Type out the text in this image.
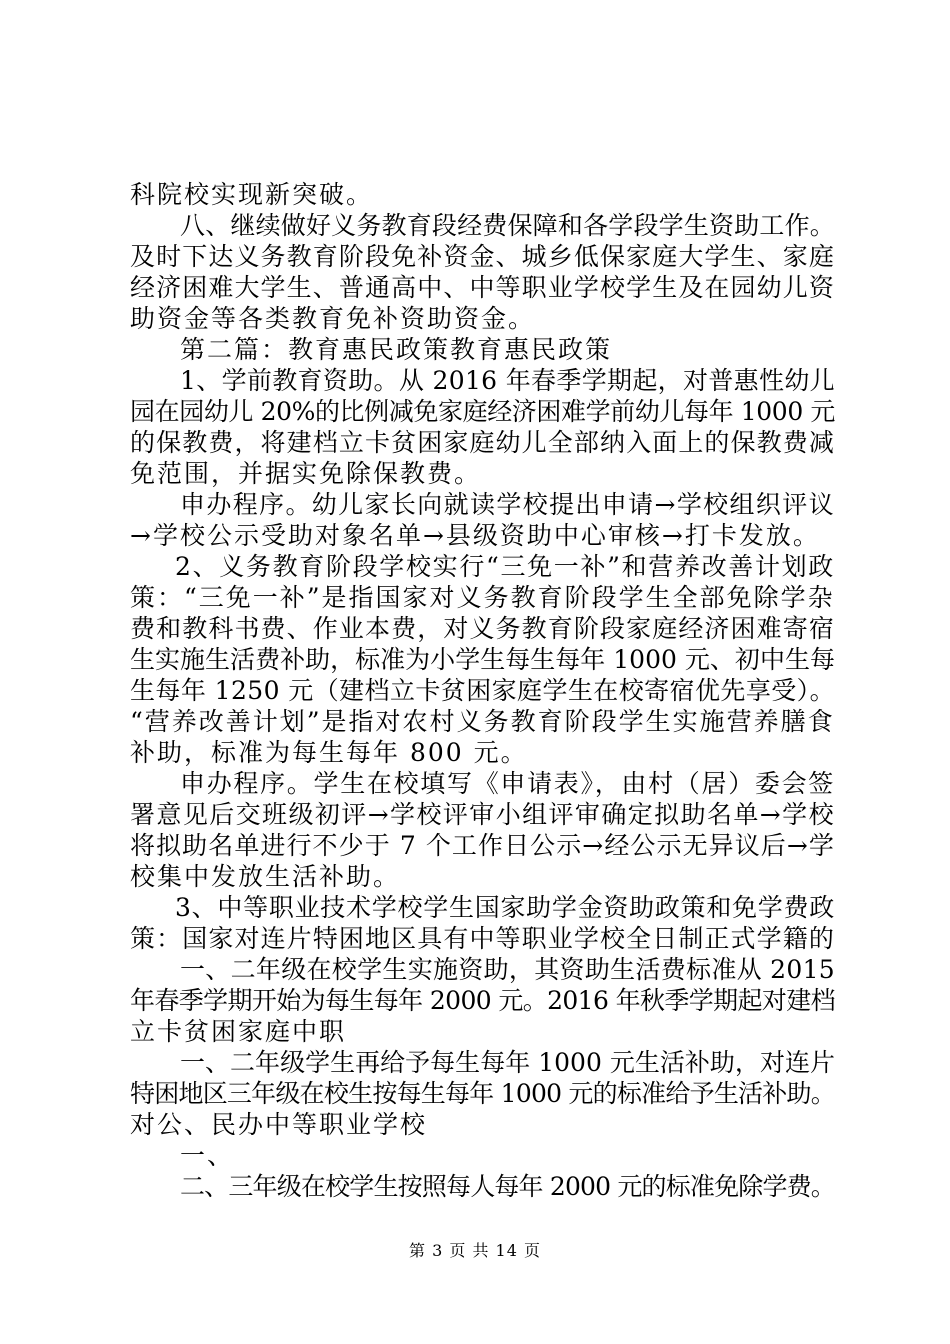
科院校实现新突破。
八、继续做好义务教育段经费保障和各学段学生资助工作。
及时下达义务教育阶段免补资金、城乡低保家庭大学生、家庭
经济困难大学生、普通高中、中等职业学校学生及在园幼儿资
助资金等各类教育免补资助资金。
第二篇：教育惠民政策教育惠民政策
1、学前教育资助。从 2016 年春季学期起，对普惠性幼儿
园在园幼儿 20%的比例减免家庭经济困难学前幼儿每年 1000 元
的保教费，将建档立卡贫困家庭幼儿全部纳入面上的保教费减
免范围，并据实免除保教费。
申办程序。幼儿家长向就读学校提出申请→学校组织评议
→学校公示受助对象名单→县级资助中心审核→打卡发放。
2、义务教育阶段学校实行“三免一补”和营养改善计划政
策：“三免一补”是指国家对义务教育阶段学生全部免除学杂
费和教科书费、作业本费，对义务教育阶段家庭经济困难寄宿
生实施生活费补助，标准为小学生每生每年 1000 元、初中生每
生每年 1250 元（建档立卡贫困家庭学生在校寄宿优先享受）。
“营养改善计划”是指对农村义务教育阶段学生实施营养膳食
补助，标准为每生每年 800 元。
申办程序。学生在校填写《申请表》，由村（居）委会签
署意见后交班级初评→学校评审小组评审确定拟助名单→学校
将拟助名单进行不少于 7 个工作日公示→经公示无异议后→学
校集中发放生活补助。
3、中等职业技术学校学生国家助学金资助政策和免学费政
策：国家对连片特困地区具有中等职业学校全日制正式学籍的
一、二年级在校学生实施资助，其资助生活费标准从 2015
年春季学期开始为每生每年 2000 元。2016 年秋季学期起对建档
立卡贫困家庭中职
一、二年级学生再给予每生每年 1000 元生活补助，对连片
特困地区三年级在校生按每生每年 1000 元的标准给予生活补助。
对公、民办中等职业学校
一、
二、三年级在校学生按照每人每年 2000 元的标准免除学费。
第 3 页 共 14 页
